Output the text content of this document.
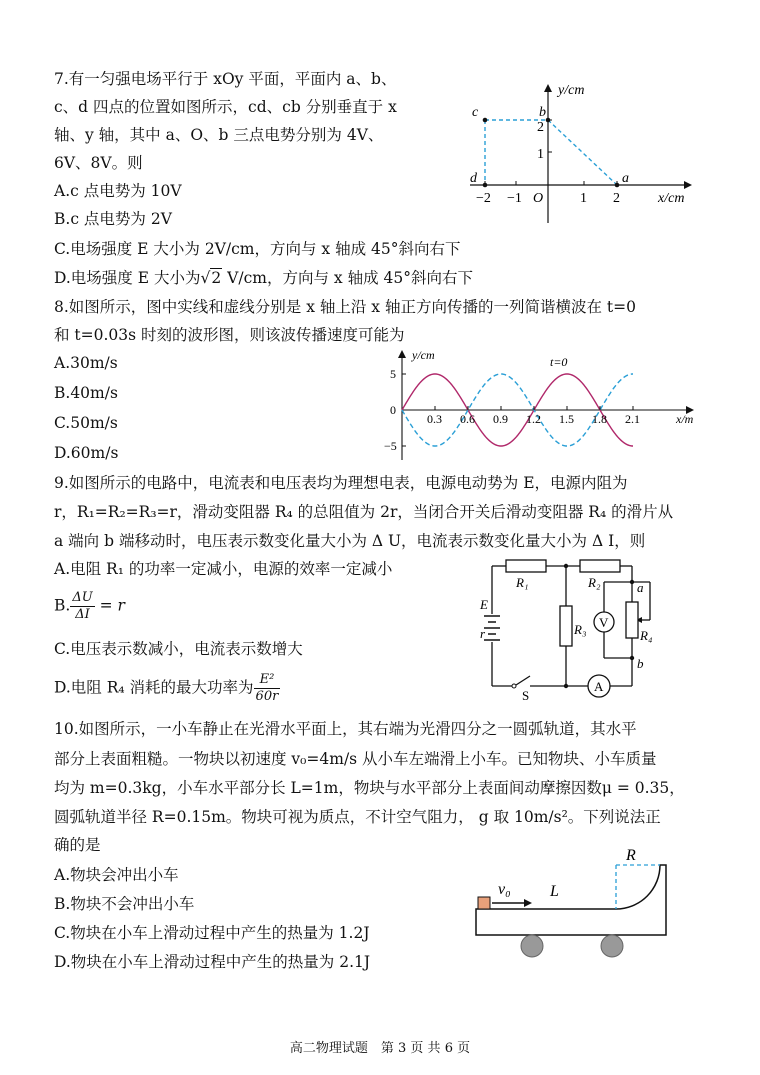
7.有一匀强电场平行于 xOy 平面，平面内 a、b、
c、d 四点的位置如图所示，cd、cb 分别垂直于 x
轴、y 轴，其中 a、O、b 三点电势分别为 4V、
6V、8V。则
A.c 点电势为 10V
B.c 点电势为 2V
C.电场强度 E 大小为 2V/cm，方向与 x 轴成 45°斜向右下
D.电场强度 E 大小为√2 V/cm，方向与 x 轴成 45°斜向右下
y/cm
x/cm
c	b
d	a
O
2
1
−2 −1	1 2
8.如图所示，图中实线和虚线分别是 x 轴上沿 x 轴正方向传播的一列简谐横波在 t=0
和 t=0.03s 时刻的波形图，则该波传播速度可能为
A.30m/s
B.40m/s
C.50m/s
D.60m/s
0.3 0.6 0.9 1.2 1.5 1.8 2.1
y/cm
x/m
t=0
5
−5
0
9.如图所示的电路中，电流表和电压表均为理想电表，电源电动势为 E，电源内阻为
r，R₁=R₂=R₃=r，滑动变阻器 R₄ 的总阻值为 2r，当闭合开关后滑动变阻器 R₄ 的滑片从
a 端向 b 端移动时，电压表示数变化量大小为 Δ U，电流表示数变化量大小为 Δ I，则
A.电阻 R₁ 的功率一定减小，电源的效率一定减小
B. $\frac{\Delta U}{\Delta I} = r$
C.电压表示数减小，电流表示数增大
D.电阻 R₄ 消耗的最大功率为 $\frac{\text{E²}}{60r}$
R₁	R₂
R₃	R₄
E
r
V
A
a
b
S
10.如图所示，一小车静止在光滑水平面上，其右端为光滑四分之一圆弧轨道，其水平
部分上表面粗糙。一物块以初速度 v₀=4m/s 从小车左端滑上小车。已知物块、小车质量
均为 m=0.3kg，小车水平部分长 L=1m，物块与水平部分上表面间动摩擦因数μ = 0.35，
圆弧轨道半径 R=0.15m。物块可视为质点，不计空气阻力， g 取 10m/s²。下列说法正
确的是
A.物块会冲出小车
B.物块不会冲出小车
C.物块在小车上滑动过程中产生的热量为 1.2J
D.物块在小车上滑动过程中产生的热量为 2.1J
R
v₀ L
高二物理试题　第 3 页 共 6 页
